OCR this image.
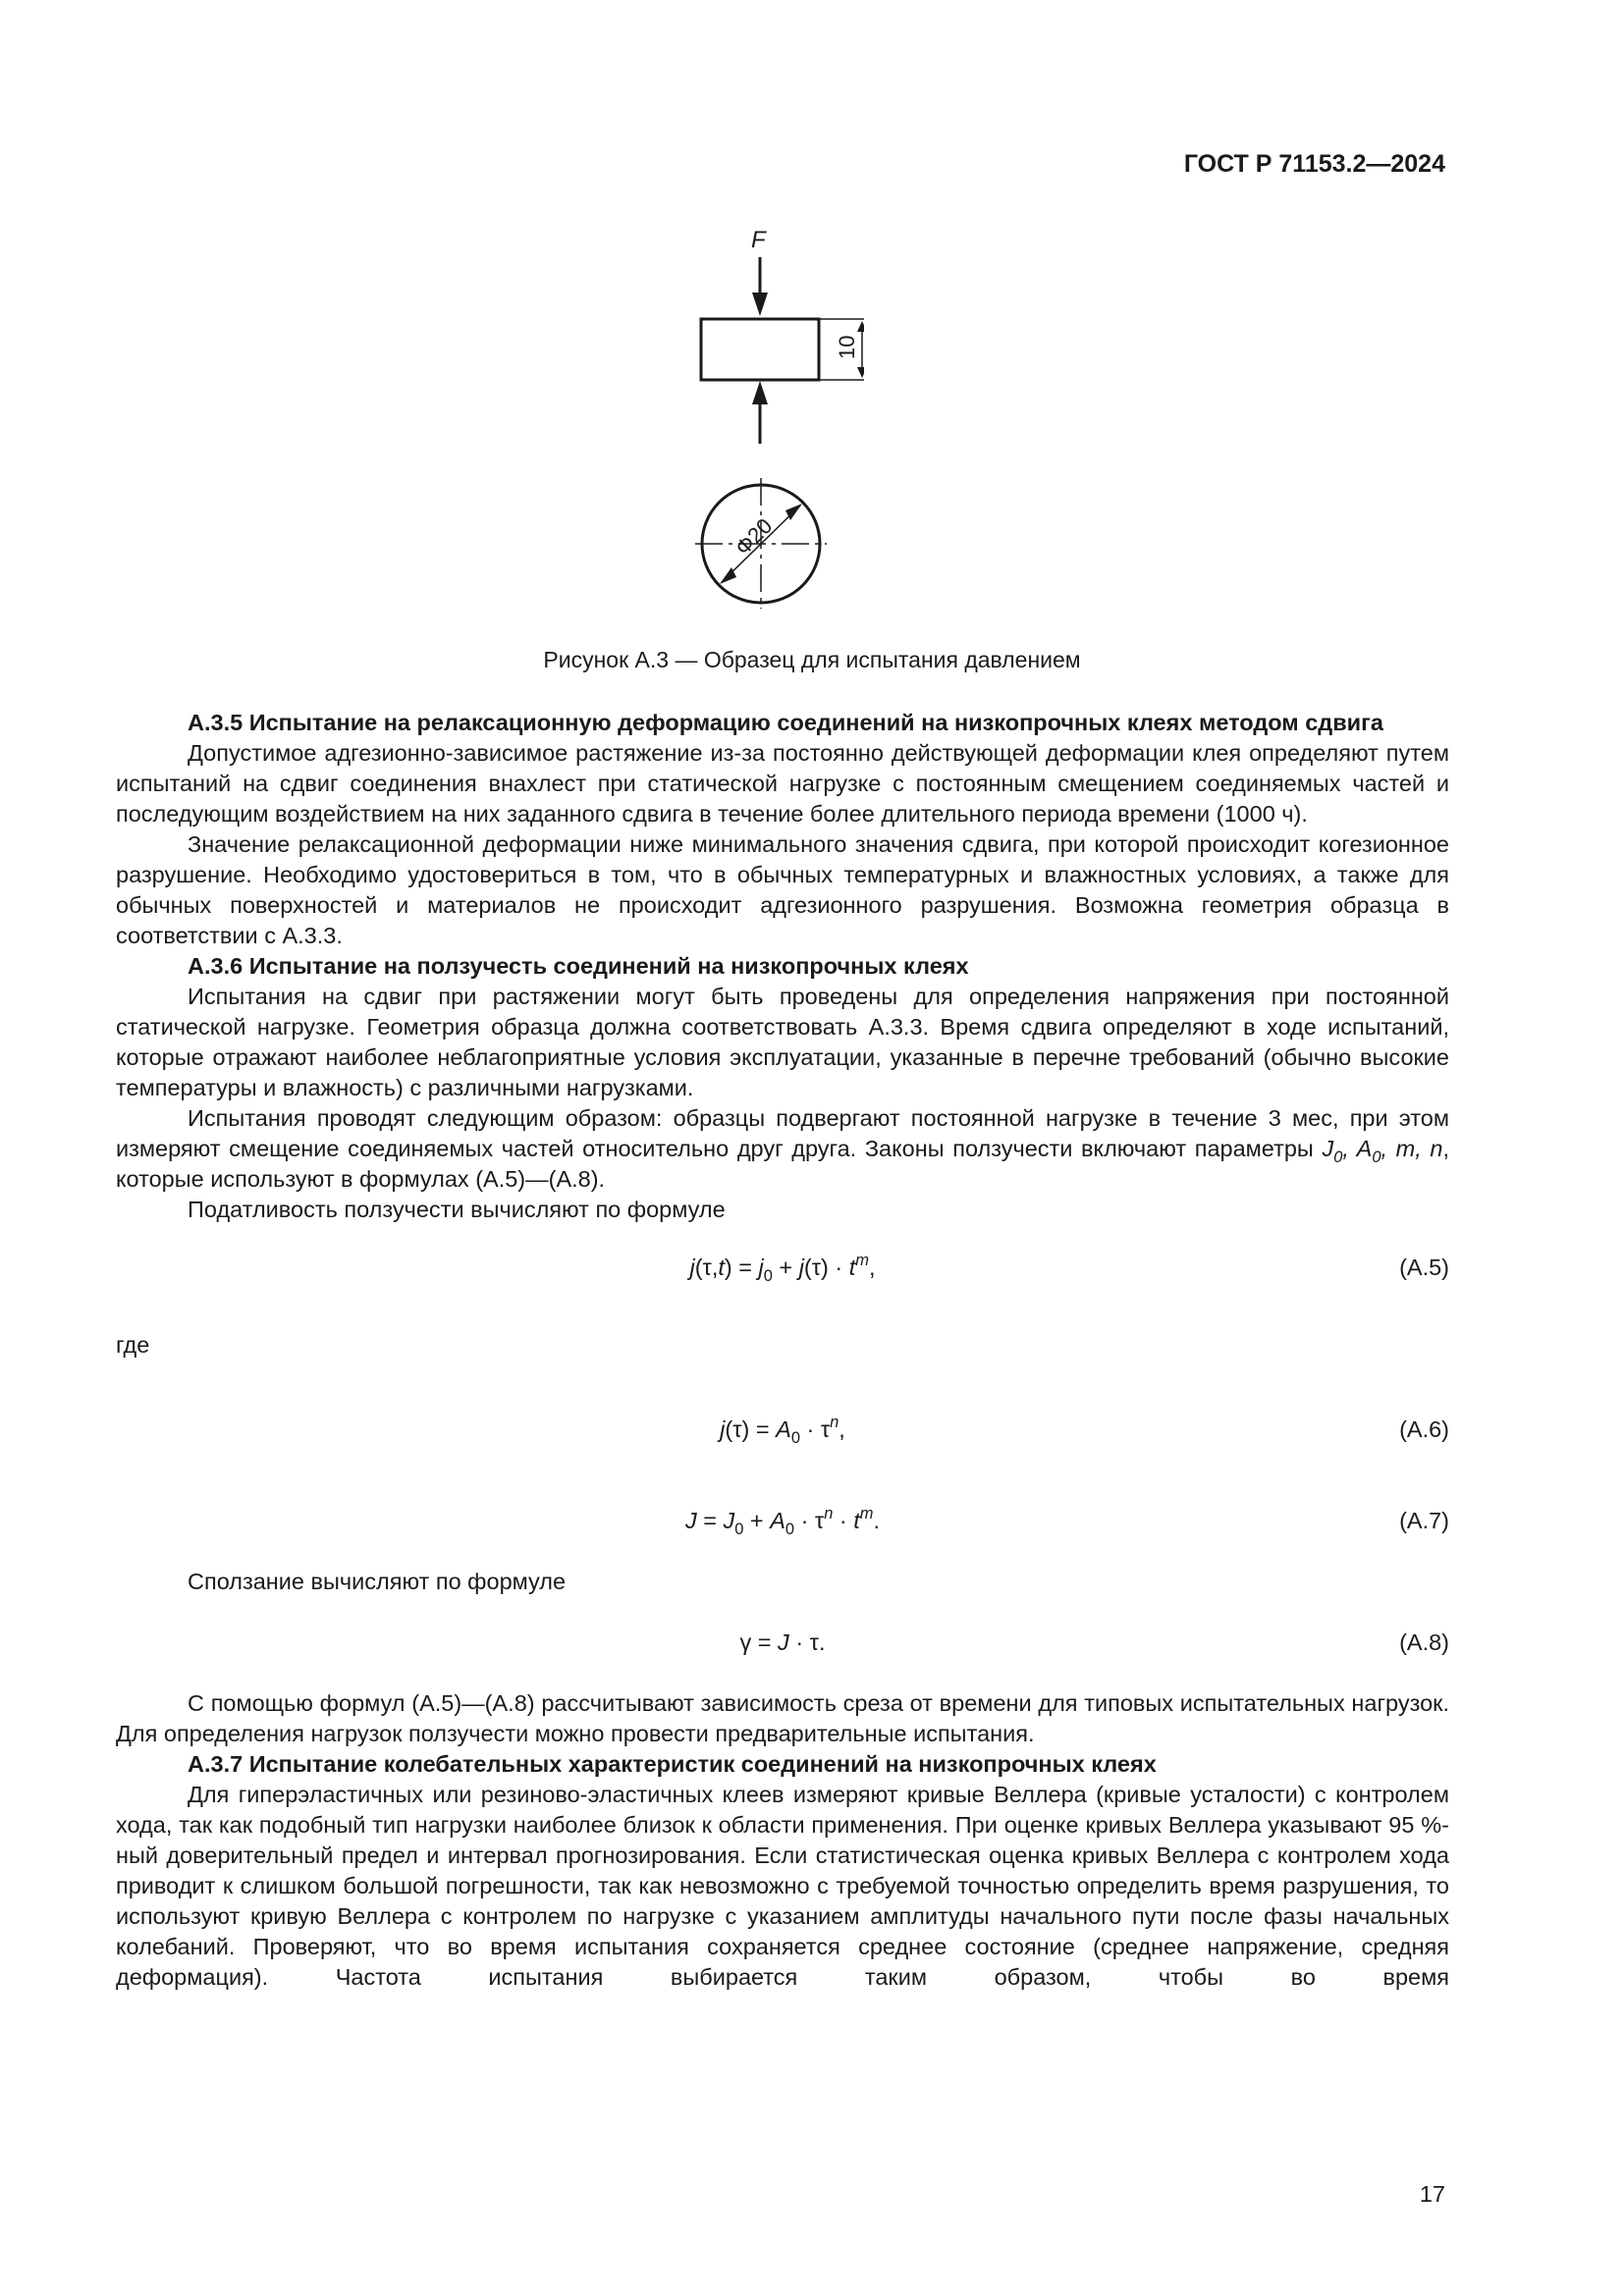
ГОСТ Р 71153.2—2024
F
10
Φ20
Рисунок А.3 — Образец для испытания давлением

А.3.5 Испытание на релаксационную деформацию соединений на низкопрочных клеях методом сдвига

Допустимое адгезионно-зависимое растяжение из-за постоянно действующей деформации клея определяют путем испытаний на сдвиг соединения внахлест при статической нагрузке с постоянным смещением соединяемых частей и последующим воздействием на них заданного сдвига в течение более длительного периода времени (1000 ч).

Значение релаксационной деформации ниже минимального значения сдвига, при которой происходит когезионное разрушение. Необходимо удостовериться в том, что в обычных температурных и влажностных условиях, а также для обычных поверхностей и материалов не происходит адгезионного разрушения. Возможна геометрия образца в соответствии с А.3.3.

А.3.6 Испытание на ползучесть соединений на низкопрочных клеях

Испытания на сдвиг при растяжении могут быть проведены для определения напряжения при постоянной статической нагрузке. Геометрия образца должна соответствовать А.3.3. Время сдвига определяют в ходе испытаний, которые отражают наиболее неблагоприятные условия эксплуатации, указанные в перечне требований (обычно высокие температуры и влажность) с различными нагрузками.

Испытания проводят следующим образом: образцы подвергают постоянной нагрузке в течение 3 мес, при этом измеряют смещение соединяемых частей относительно друг друга. Законы ползучести включают параметры $J_0$, $A_0$, m, n, которые используют в формулах (А.5)—(А.8).

Податливость ползучести вычисляют по формуле

$j(\tau,t) = j_0 + j(\tau) \cdot t^m$,	(А.5)

где

$j(\tau) = A_0 \cdot \tau^n$,	(А.6)
$J = J_0 + A_0 \cdot \tau^n \cdot t^m$.	(А.7)

Сползание вычисляют по формуле

γ = J · τ.	(А.8)

С помощью формул (А.5)—(А.8) рассчитывают зависимость среза от времени для типовых испытательных нагрузок. Для определения нагрузок ползучести можно провести предварительные испытания.

А.3.7 Испытание колебательных характеристик соединений на низкопрочных клеях

Для гиперэластичных или резиново-эластичных клеев измеряют кривые Веллера (кривые усталости) с контролем хода, так как подобный тип нагрузки наиболее близок к области применения. При оценке кривых Веллера указывают 95 %-ный доверительный предел и интервал прогнозирования. Если статистическая оценка кривых Веллера с контролем хода приводит к слишком большой погрешности, так как невозможно с требуемой точностью определить время разрушения, то используют кривую Веллера с контролем по нагрузке с указанием амплитуды начального пути после фазы начальных колебаний. Проверяют, что во время испытания сохраняется среднее состояние (среднее напряжение, средняя деформация). Частота испытания выбирается таким образом, чтобы во время

17
